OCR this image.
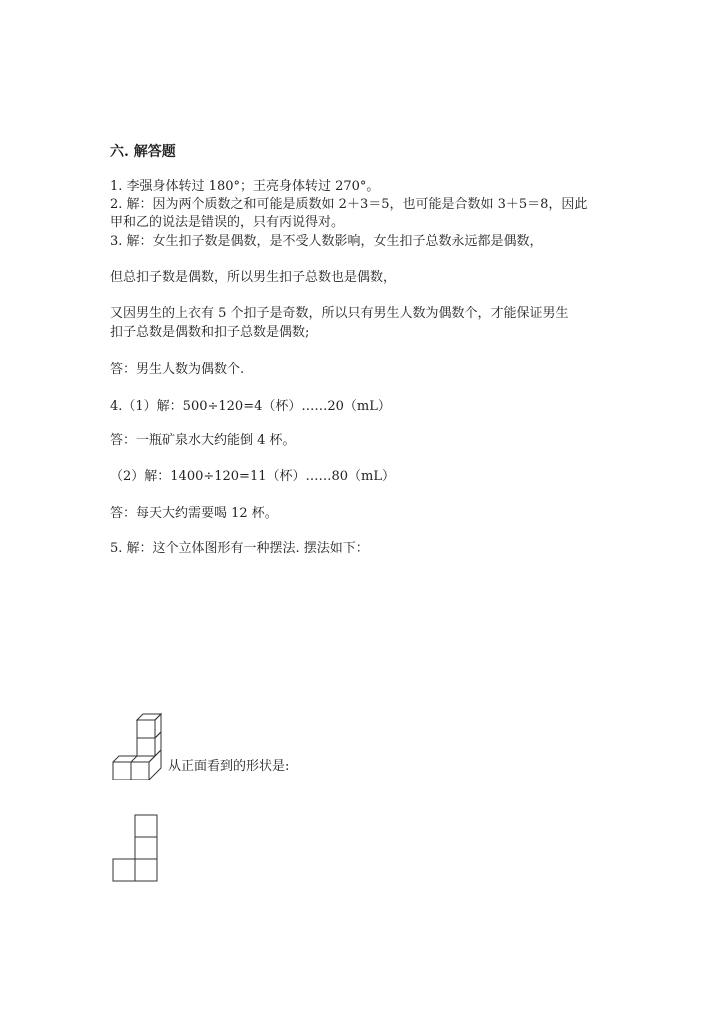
六. 解答题

1. 李强身体转过 180°；王亮身体转过 270°。

2. 解：因为两个质数之和可能是质数如 2＋3＝5，也可能是合数如 3＋5＝8，因此

甲和乙的说法是错误的，只有丙说得对。

3. 解：女生扣子数是偶数，是不受人数影响，女生扣子总数永远都是偶数，

但总扣子数是偶数，所以男生扣子总数也是偶数，

又因男生的上衣有 5 个扣子是奇数，所以只有男生人数为偶数个，才能保证男生

扣子总数是偶数和扣子总数是偶数;

答：男生人数为偶数个.

4.（1）解：500÷120=4（杯）……20（mL）

答：一瓶矿泉水大约能倒 4 杯。

（2）解：1400÷120=11（杯）……80（mL）

答：每天大约需要喝 12 杯。

5. 解：这个立体图形有一种摆法. 摆法如下：

从正面看到的形状是:
